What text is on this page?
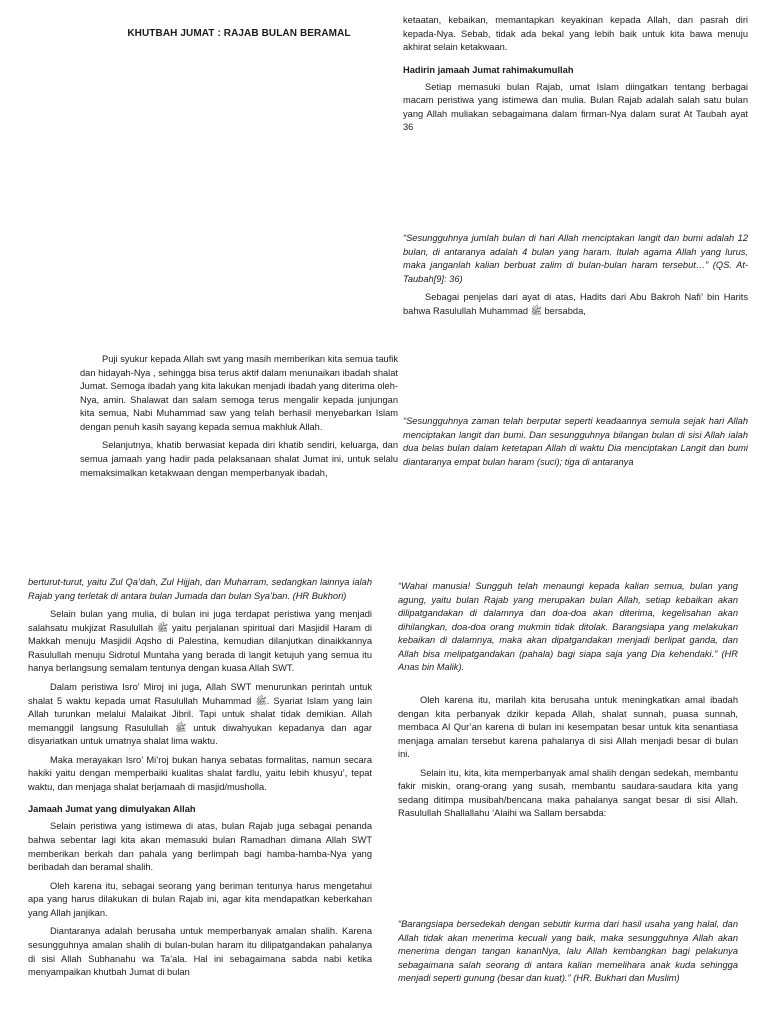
KHUTBAH JUMAT : RAJAB BULAN BERAMAL

Puji syukur kepada Allah swt yang masih memberikan kita semua taufik dan hidayah-Nya , sehingga bisa terus aktif dalam menunaikan ibadah shalat Jumat. Semoga ibadah yang kita lakukan menjadi ibadah yang diterima oleh-Nya, amin. Shalawat dan salam semoga terus mengalir kepada junjungan kita semua, Nabi Muhammad saw yang telah berhasil menyebarkan Islam dengan penuh kasih sayang kepada semua makhluk Allah.

Selanjutnya, khatib berwasiat kepada diri khatib sendiri, keluarga, dan semua jamaah yang hadir pada pelaksanaan shalat Jumat ini, untuk selalu memaksimalkan ketakwaan dengan memperbanyak ibadah,

ketaatan, kebaikan, memantapkan keyakinan kepada Allah, dan pasrah diri kepada-Nya. Sebab, tidak ada bekal yang lebih baik untuk kita bawa menuju akhirat selain ketakwaan.

Hadirin jamaah Jumat rahimakumullah

Setiap memasuki bulan Rajab, umat Islam diingatkan tentang berbagai macam peristiwa yang istimewa dan mulia. Bulan Rajab adalah salah satu bulan yang Allah muliakan sebagaimana dalam firman-Nya dalam surat At Taubah ayat 36

“Sesungguhnya jumlah bulan di hari Allah menciptakan langit dan bumi adalah 12 bulan, di antaranya adalah 4 bulan yang haram. Itulah agama Allah yang lurus, maka janganlah kalian berbuat zalim di bulan-bulan haram tersebut…” (QS. At-Taubah[9]: 36)

Sebagai penjelas dari ayat di atas, Hadits dari Abu Bakroh Nafi’ bin Harits bahwa Rasulullah Muhammad ﷺ bersabda,

“Sesungguhnya zaman telah berputar seperti keadaannya semula sejak hari Allah menciptakan langit dan bumi. Dan sesungguhnya bilangan bulan di sisi Allah ialah dua belas bulan dalam ketetapan Allah di waktu Dia menciptakan Langit dan bumi diantaranya empat bulan haram (suci); tiga di antaranya

berturut-turut, yaitu Zul Qa’dah, Zul Hijjah, dan Muharram, sedangkan lainnya ialah Rajab yang terletak di antara bulan Jumada dan bulan Sya’ban. (HR Bukhori)

Selain bulan yang mulia, di bulan ini juga terdapat peristiwa yang menjadi salahsatu mukjizat Rasulullah ﷺ yaitu perjalanan spiritual dari Masjidil Haram di Makkah menuju Masjidil Aqsho di Palestina, kemudian dilanjutkan dinaikkannya Rasulullah menuju Sidrotul Muntaha yang berada di langit ketujuh yang semua itu hanya berlangsung semalam tentunya dengan kuasa Allah SWT.

Dalam peristiwa Isro’ Miroj ini juga, Allah SWT menurunkan perintah untuk shalat 5 waktu kepada umat Rasulullah Muhammad ﷺ. Syariat Islam yang lain Allah turunkan melalui Malaikat Jibril. Tapi untuk shalat tidak demikian. Allah memanggil langsung Rasulullah ﷺ untuk diwahyukan kepadanya dan agar disyariatkan untuk umatnya shalat lima waktu.

Maka merayakan Isro’ Mi’roj bukan hanya sebatas formalitas, namun secara hakiki yaitu dengan memperbaiki kualitas shalat fardlu, yaitu lebih khusyu’, tepat waktu, dan menjaga shalat berjamaah di masjid/musholla.

Jamaah Jumat yang dimulyakan Allah

Selain peristiwa yang istimewa di atas, bulan Rajab juga sebagai penanda bahwa sebentar lagi kita akan memasuki bulan Ramadhan dimana Allah SWT memberikan berkah dan pahala yang berlimpah bagi hamba-hamba-Nya yang beribadah dan beramal shalih.

Oleh karena itu, sebagai seorang yang beriman tentunya harus mengetahui apa yang harus dilakukan di bulan Rajab ini, agar kita mendapatkan keberkahan yang Allah janjikan.

Diantaranya adalah berusaha untuk memperbanyak amalan shalih. Karena sesungguhnya amalan shalih di bulan-bulan haram itu dilipatgandakan pahalanya di sisi Allah Subhanahu wa Ta’ala. Hal ini sebagaimana sabda nabi ketika menyampaikan khutbah Jumat di bulan

“Wahai manusia! Sungguh telah menaungi kepada kalian semua, bulan yang agung, yaitu bulan Rajab yang merupakan bulan Allah, setiap kebaikan akan dilipatgandakan di dalamnya dan doa-doa akan diterima, kegelisahan akan dihilangkan, doa-doa orang mukmin tidak ditolak. Barangsiapa yang melakukan kebaikan di dalamnya, maka akan dipatgandakan menjadi berlipat ganda, dan Allah bisa melipatgandakan (pahala) bagi siapa saja yang Dia kehendaki.” (HR Anas bin Malik).

Oleh karena itu, marilah kita berusaha untuk meningkatkan amal ibadah dengan kita perbanyak dzikir kepada Allah, shalat sunnah, puasa sunnah, membaca Al Qur’an karena di bulan ini kesempatan besar untuk kita senantiasa menjaga amalan tersebut karena pahalanya di sisi Allah menjadi besar di bulan ini.

Selain itu, kita, kita memperbanyak amal shalih dengan sedekah, membantu fakir miskin, orang-orang yang susah, membantu saudara-saudara kita yang sedang ditimpa musibah/bencana maka pahalanya sangat besar di sisi Allah. Rasulullah Shallallahu ‘Alaihi wa Sallam bersabda:

“Barangsiapa bersedekah dengan sebutir kurma dari hasil usaha yang halal, dan Allah tidak akan menerima kecuali yang baik, maka sesungguhnya Allah akan menerima dengan tangan kananNya, lalu Allah kembangkan bagi pelakunya sebagaimana salah seorang di antara kalian memelihara anak kuda sehingga menjadi seperti gunung (besar dan kuat).” (HR. Bukhari dan Muslim)
